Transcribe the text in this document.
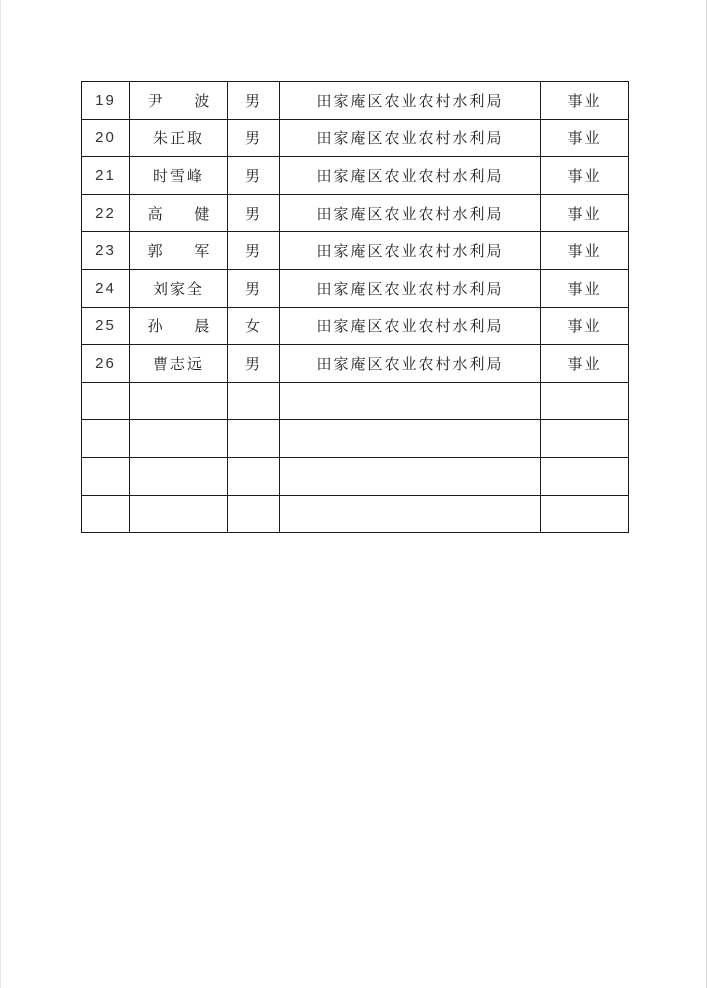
19	尹 波	男	田家庵区农业农村水利局	事业
20	朱正取	男	田家庵区农业农村水利局	事业
21	时雪峰	男	田家庵区农业农村水利局	事业
22	高 健	男	田家庵区农业农村水利局	事业
23	郭 军	男	田家庵区农业农村水利局	事业
24	刘家全	男	田家庵区农业农村水利局	事业
25	孙 晨	女	田家庵区农业农村水利局	事业
26	曹志远	男	田家庵区农业农村水利局	事业
